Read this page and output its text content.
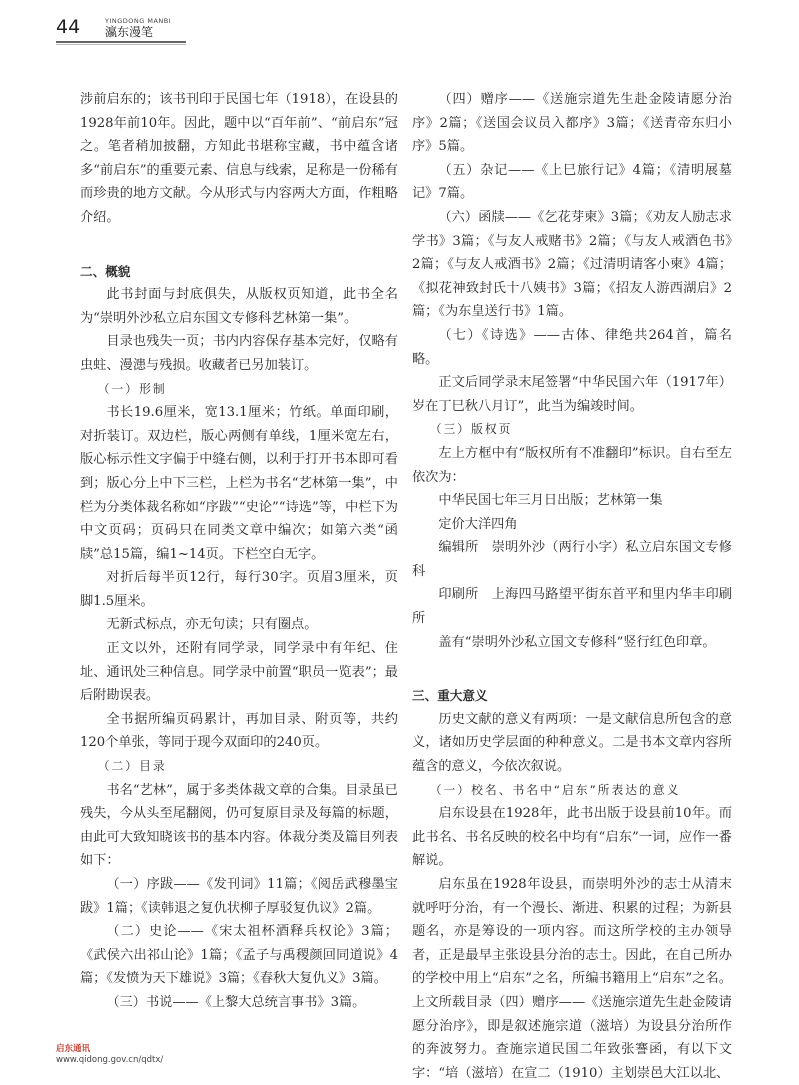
44	YINGDONG MANBI
瀛东漫笔

涉前启东的；该书刊印于民国七年（1918），在设县的1928年前10年。因此，题中以“百年前”、“前启东”冠之。笔者稍加披翻，方知此书堪称宝藏，书中蕴含诸多“前启东”的重要元素、信息与线索，足称是一份稀有而珍贵的地方文献。今从形式与内容两大方面，作粗略介绍。

二、概貌

此书封面与封底俱失，从版权页知道，此书全名为“崇明外沙私立启东国文专修科艺林第一集”。

目录也残失一页；书内内容保存基本完好，仅略有虫蛀、漫漶与残损。收藏者已另加装订。

（一）形制

书长19.6厘米，宽13.1厘米；竹纸。单面印刷，对折装订。双边栏，版心两侧有单线，1厘米宽左右，版心标示性文字偏于中缝右侧，以利于打开书本即可看到；版心分上中下三栏，上栏为书名“艺林第一集”，中栏为分类体裁名称如“序跋”“史论”“诗选”等，中栏下为中文页码；页码只在同类文章中编次；如第六类“函牍”总15篇，编1~14页。下栏空白无字。

对折后每半页12行，每行30字。页眉3厘米，页脚1.5厘米。

无新式标点，亦无句读；只有圈点。

正文以外，还附有同学录，同学录中有年纪、住址、通讯处三种信息。同学录中前置“职员一览表”；最后附勘误表。

全书据所编页码累计，再加目录、附页等，共约120个单张，等同于现今双面印的240页。

（二）目录

书名“艺林”，属于多类体裁文章的合集。目录虽已残失，今从头至尾翻阅，仍可复原目录及每篇的标题，由此可大致知晓该书的基本内容。体裁分类及篇目列表如下：

（一）序跋——《发刊词》11篇；《阅岳武穆墨宝跋》1篇；《读韩退之复仇状柳子厚驳复仇议》2篇。

（二）史论——《宋太祖杯酒释兵权论》3篇；《武侯六出祁山论》1篇；《孟子与禹稷颜回同道说》4篇；《发愤为天下雄说》3篇；《春秋大复仇义》3篇。

（三）书说——《上黎大总统言事书》3篇。

（四）赠序——《送施宗道先生赴金陵请愿分治序》2篇；《送国会议员入都序》3篇；《送青帝东归小序》5篇。

（五）杂记——《上巳旅行记》4篇；《清明展墓记》7篇。

（六）函牍——《乞花芽柬》3篇；《劝友人励志求学书》3篇；《与友人戒赌书》2篇；《与友人戒酒色书》2篇；《与友人戒酒书》2篇；《过清明请客小柬》4篇；《拟花神致封氏十八姨书》3篇；《招友人游西湖启》2篇；《为东皇送行书》1篇。

（七）《诗选》——古体、律绝共264首，篇名略。

正文后同学录末尾签署“中华民国六年（1917年）岁在丁巳秋八月订”，此当为编竣时间。

（三）版权页

左上方框中有“版权所有不准翻印”标识。自右至左依次为：

中华民国七年三月日出版；艺林第一集

定价大洋四角

编辑所　崇明外沙（两行小字）私立启东国文专修科

印刷所　上海四马路望平街东首平和里内华丰印刷所

盖有“崇明外沙私立国文专修科”竖行红色印章。

三、重大意义

历史文献的意义有两项：一是文献信息所包含的意义，诸如历史学层面的种种意义。二是书本文章内容所蕴含的意义，今依次叙说。

（一）校名、书名中“启东”所表达的意义

启东设县在1928年，此书出版于设县前10年。而此书名、书名反映的校名中均有“启东”一词，应作一番解说。

启东虽在1928年设县，而崇明外沙的志士从清末就呼吁分治，有一个漫长、渐进、积累的过程；为新县题名，亦是筹设的一项内容。而这所学校的主办领导者，正是最早主张设县分治的志士。因此，在自己所办的学校中用上“启东”之名，所编书籍用上“启东”之名。上文所载目录（四）赠序——《送施宗道先生赴金陵请愿分治序》，即是叙述施宗道（滋培）为设县分治所作的奔波努力。查施宗道民国二年致张謇函，有以下文字：“培（滋培）在宣二（1910）主划崇邑大江以北、

启东通讯
www.qidong.gov.cn/qdtx/
